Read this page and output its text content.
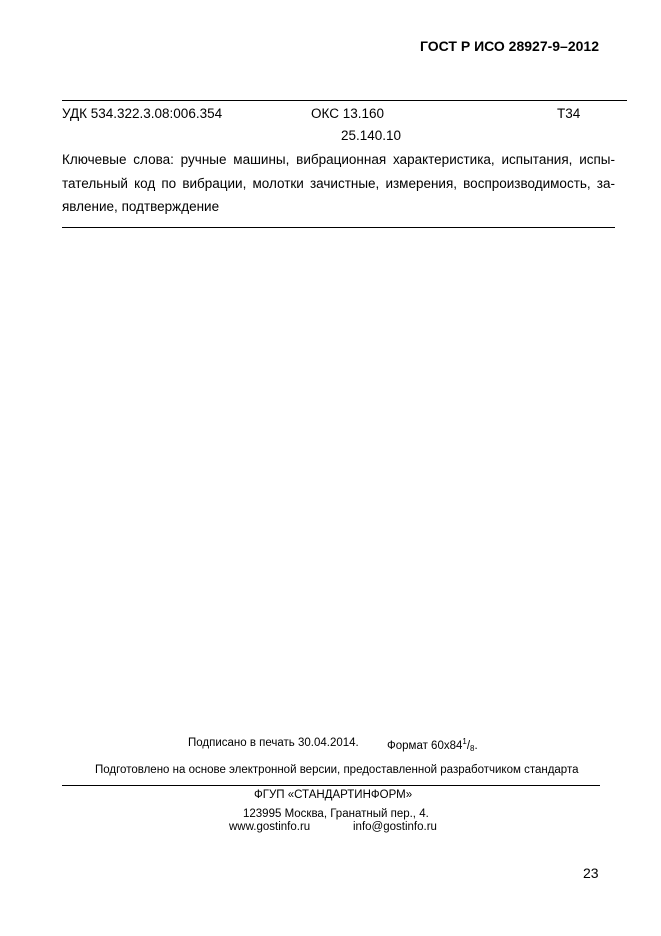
ГОСТ Р ИСО 28927-9–2012
УДК 534.322.3.08:006.354	ОКС 13.160	Т34
25.140.10
Ключевые слова: ручные машины, вибрационная характеристика, испытания, испы-
тательный код по вибрации, молотки зачистные, измерения, воспроизводимость, за-
явление, подтверждение
Подписано в печать 30.04.2014. Формат $60х84^1/_8$.
Подготовлено на основе электронной версии, предоставленной разработчиком стандарта
ФГУП «СТАНДАРТИНФОРМ»
123995 Москва, Гранатный пер., 4.
www.gostinfo.ru	info@gostinfo.ru
23
